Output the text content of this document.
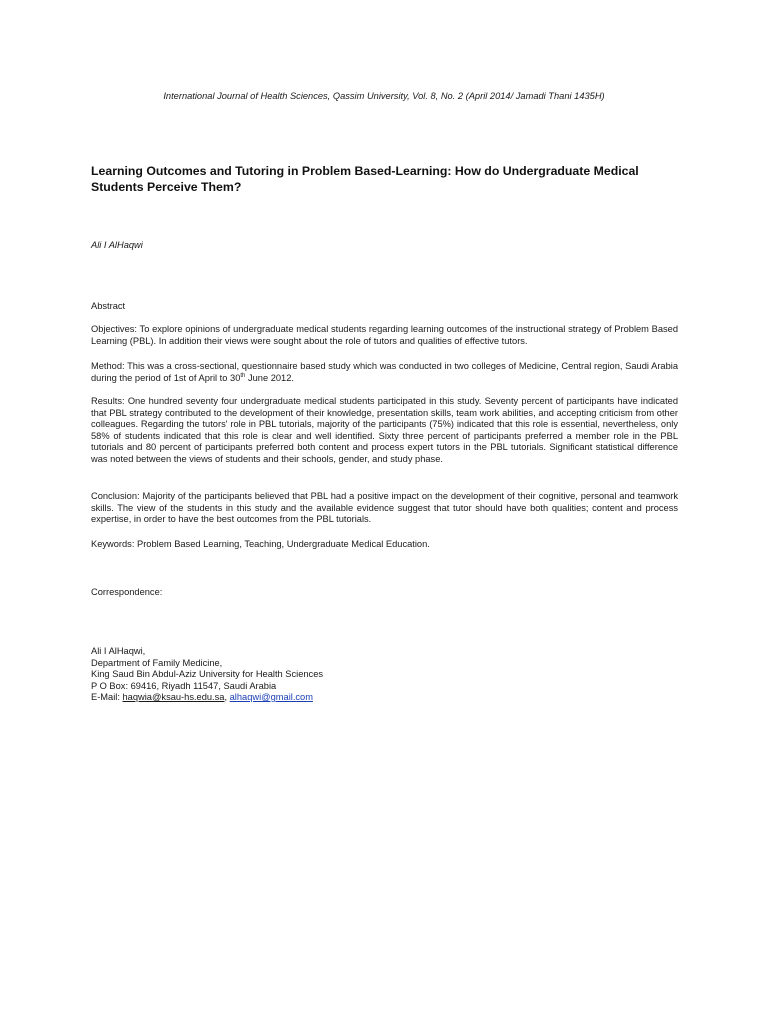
International Journal of Health Sciences, Qassim University, Vol. 8, No. 2 (April 2014/ Jamadi Thani 1435H)
Learning Outcomes and Tutoring in Problem Based-Learning: How do Undergraduate Medical Students Perceive Them?
Ali I AlHaqwi
Abstract
Objectives: To explore opinions of undergraduate medical students regarding learning outcomes of the instructional strategy of Problem Based Learning (PBL). In addition their views were sought about the role of tutors and qualities of effective tutors.
Method: This was a cross-sectional, questionnaire based study which was conducted in two colleges of Medicine, Central region, Saudi Arabia during the period of 1st of April to 30th June 2012.
Results: One hundred seventy four undergraduate medical students participated in this study. Seventy percent of participants have indicated that PBL strategy contributed to the development of their knowledge, presentation skills, team work abilities, and accepting criticism from other colleagues. Regarding the tutors' role in PBL tutorials, majority of the participants (75%) indicated that this role is essential, nevertheless, only 58% of students indicated that this role is clear and well identified. Sixty three percent of participants preferred a member role in the PBL tutorials and 80 percent of participants preferred both content and process expert tutors in the PBL tutorials. Significant statistical difference was noted between the views of students and their schools, gender, and study phase.
Conclusion: Majority of the participants believed that PBL had a positive impact on the development of their cognitive, personal and teamwork skills. The view of the students in this study and the available evidence suggest that tutor should have both qualities; content and process expertise, in order to have the best outcomes from the PBL tutorials.
Keywords: Problem Based Learning, Teaching, Undergraduate Medical Education.
Correspondence:
Ali I AlHaqwi,
Department of Family Medicine,
King Saud Bin Abdul-Aziz University for Health Sciences
P O Box: 69416, Riyadh 11547, Saudi Arabia
E-Mail: haqwia@ksau-hs.edu.sa, alhaqwi@gmail.com
